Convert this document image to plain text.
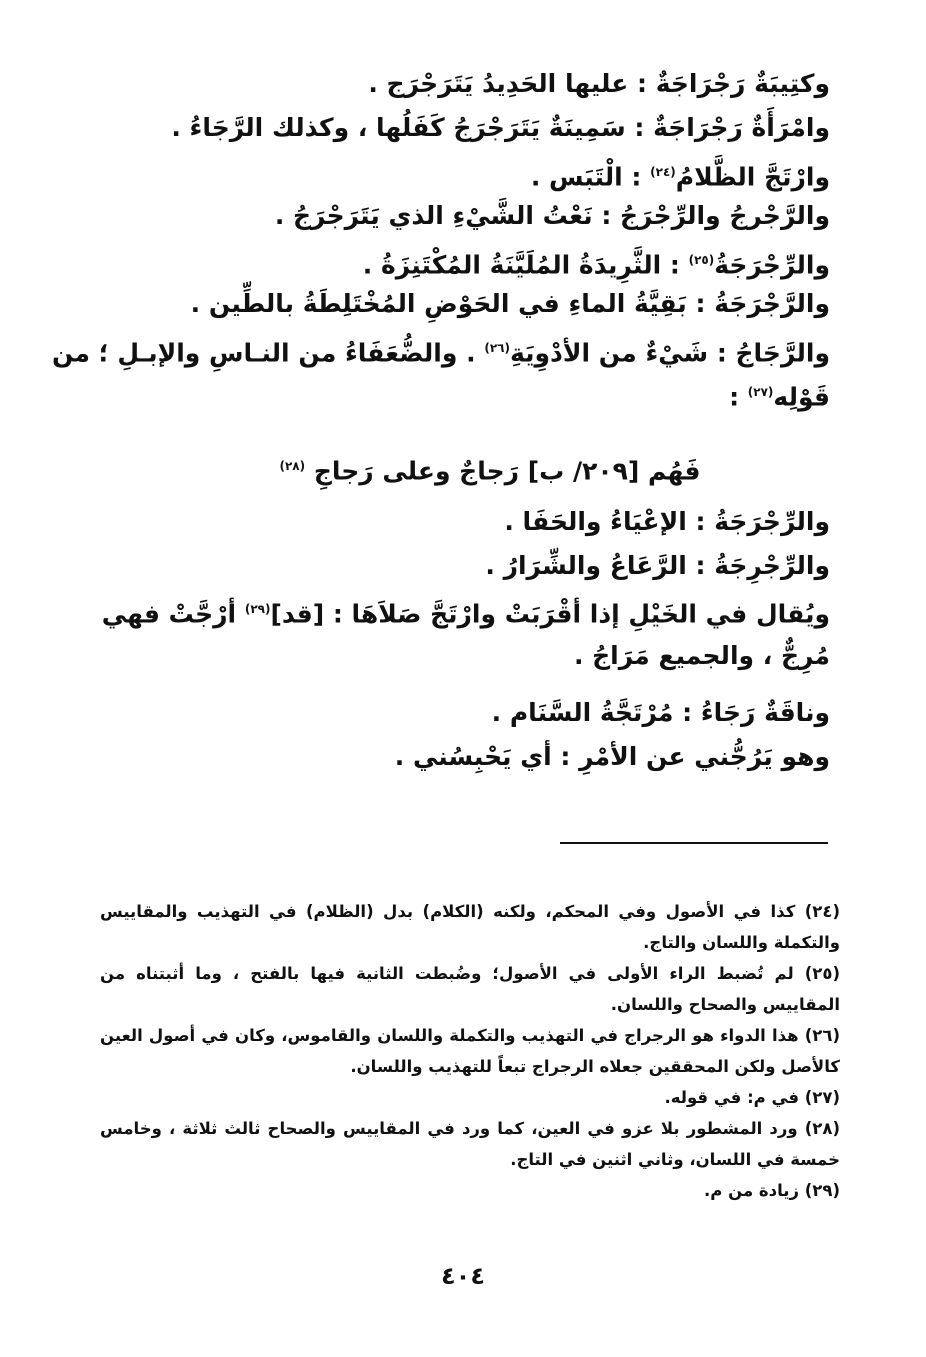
وكتِيبَةٌ رَجْرَاجَةٌ : عليها الحَدِيدُ يَتَرَجْرَج .
وامْرَأَةٌ رَجْرَاجَةٌ : سَمِينَةٌ يَتَرَجْرَجُ كَفَلُها ، وكذلك الرَّجَاءُ .
وارْتَجَّ الظَّلامُ$^{(٢٤)}$ : الْتَبَس .
والرَّجْرجُ والرِّجْرَجُ : نَعْتُ الشَّيْءِ الذي يَتَرَجْرَجُ .
والرِّجْرَجَةُ$^{(٢٥)}$ : الثَّرِيدَةُ المُلَيَّنَةُ المُكْتَنِزَةُ .
والرَّجْرَجَةُ : بَقِيَّةُ الماءِ في الحَوْضِ المُخْتَلِطَةُ بالطِّين .
والرَّجَاجُ : شَيْءٌ من الأدْوِيَةِ$^{(٢٦)}$ . والضُّعَفَاءُ من النـاسِ والإبـلِ ؛ من
قَوْلِه$^{(٢٧)}$ :
فَهُم [٢٠٩/ ب] رَجاجٌ وعلى رَجاجِ $^{(٢٨)}$
والرِّجْرَجَةُ : الإعْيَاءُ والحَفَا .
والرِّجْرِجَةُ : الرَّعَاعُ والشِّرَارُ .
ويُقال في الخَيْلِ إذا أقْرَبَتْ وارْتَجَّ صَلاَهَا : [قد]$^{(٢٩)}$ أرْجَّتْ فهي مُرِجٌّ ، والجميع مَرَاجُ .
وناقَةٌ رَجَاءُ : مُرْتَجَّةُ السَّنَام .
وهو يَرُجُّني عن الأمْرِ : أي يَحْبِسُني .

(٢٤) كذا في الأصول وفي المحكم، ولكنه (الكلام) بدل (الظلام) في التهذيب والمقاييس والتكملة واللسان والتاج.

(٢٥) لم تُضبط الراء الأولى في الأصول؛ وضُبطت الثانية فيها بالفتح ، وما أثبتناه من المقاييس والصحاح واللسان.

(٢٦) هذا الدواء هو الرجراج في التهذيب والتكملة واللسان والقاموس، وكان في أصول العين كالأصل ولكن المحققين جعلاه الرجراج تبعاً للتهذيب واللسان.

(٢٧) في م: في قوله.

(٢٨) ورد المشطور بلا عزو في العين، كما ورد في المقاييس والصحاح ثالث ثلاثة ، وخامس خمسة في اللسان، وثاني اثنين في التاج.

(٢٩) زيادة من م.

٤٠٤
